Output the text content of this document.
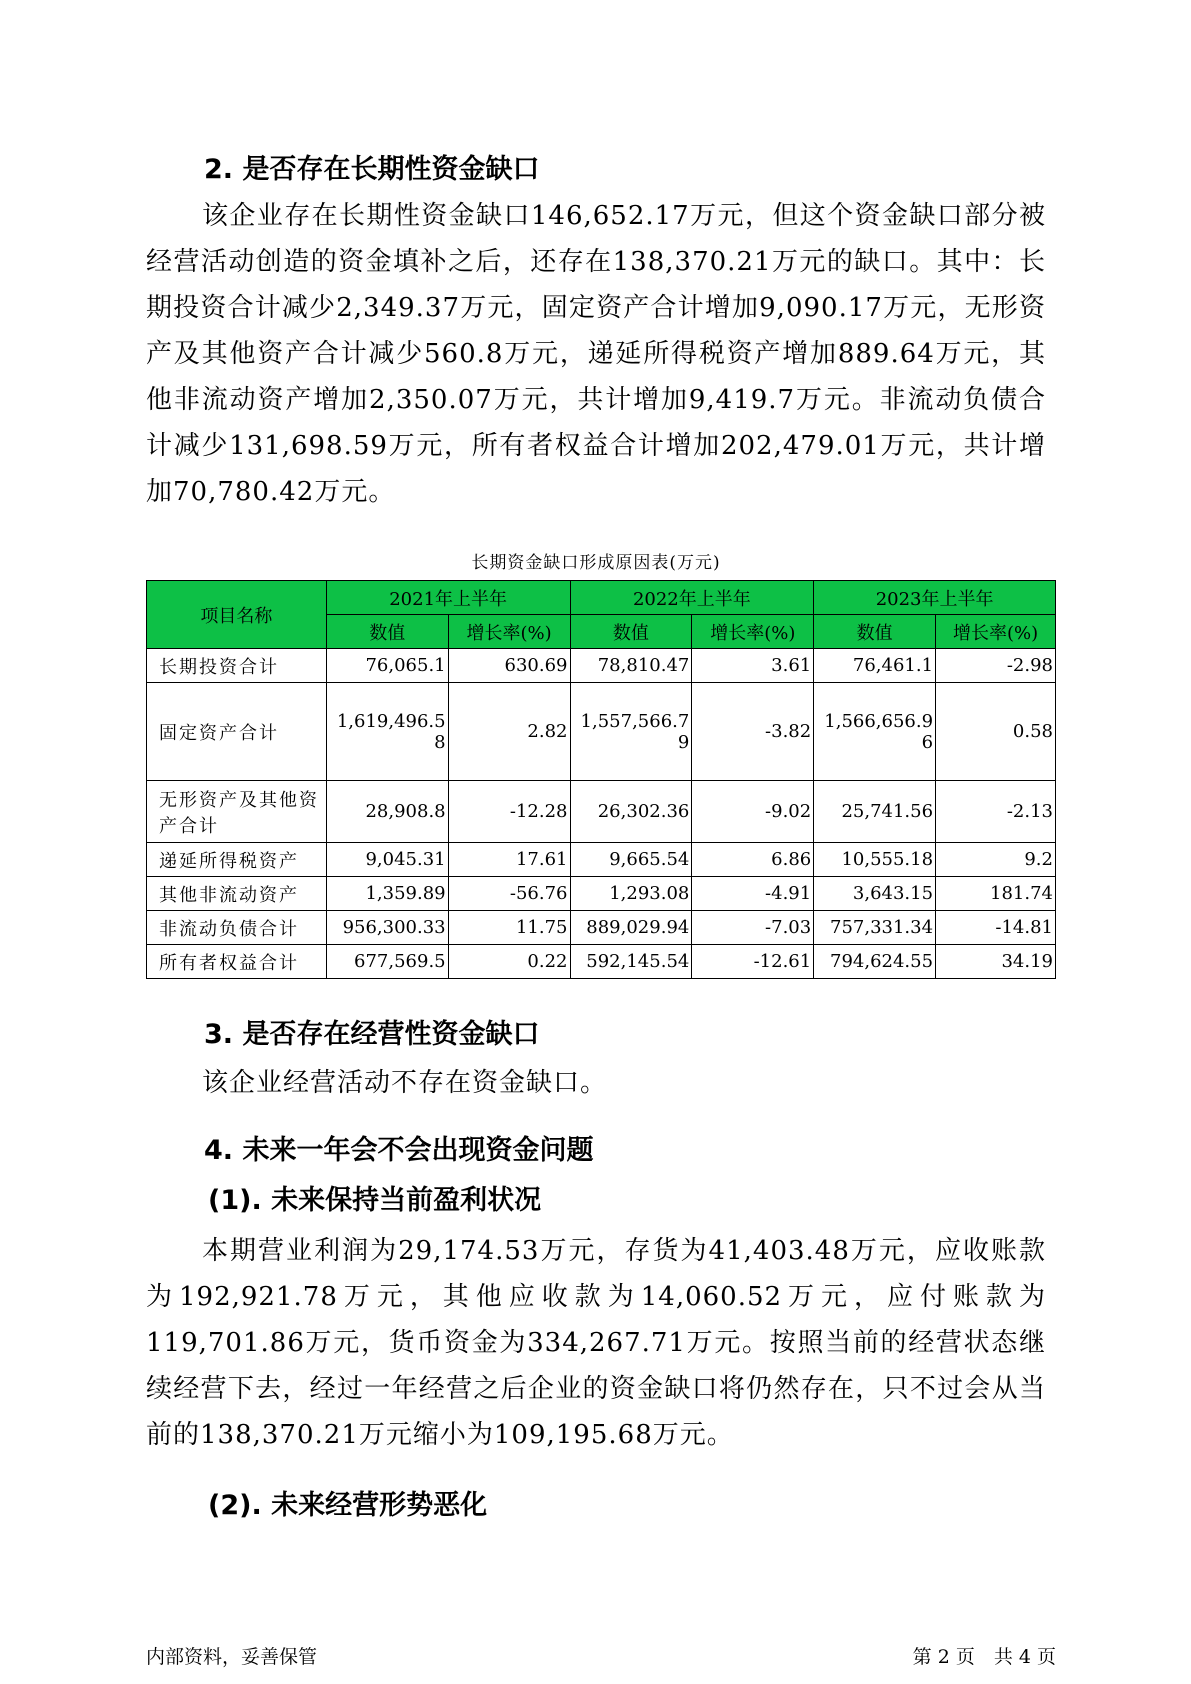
2. 是否存在长期性资金缺口
该企业存在长期性资金缺口146,652.17万元，但这个资金缺口部分被经营活动创造的资金填补之后，还存在138,370.21万元的缺口。其中：长期投资合计减少2,349.37万元，固定资产合计增加9,090.17万元，无形资产及其他资产合计减少560.8万元，递延所得税资产增加889.64万元，其他非流动资产增加2,350.07万元，共计增加9,419.7万元。非流动负债合计减少131,698.59万元，所有者权益合计增加202,479.01万元，共计增加70,780.42万元。
长期资金缺口形成原因表(万元)
项目名称	2021年上半年		2022年上半年		2023年上半年	
	数值	增长率(%)	数值	增长率(%)	数值	增长率(%)
长期投资合计	76,065.1	630.69	78,810.47	3.61	76,461.1	-2.98
固定资产合计	1,619,496.58	2.82	1,557,566.79	-3.82	1,566,656.96	0.58
无形资产及其他资产合计	28,908.8	-12.28	26,302.36	-9.02	25,741.56	-2.13
递延所得税资产	9,045.31	17.61	9,665.54	6.86	10,555.18	9.2
其他非流动资产	1,359.89	-56.76	1,293.08	-4.91	3,643.15	181.74
非流动负债合计	956,300.33	11.75	889,029.94	-7.03	757,331.34	-14.81
所有者权益合计	677,569.5	0.22	592,145.54	-12.61	794,624.55	34.19
3. 是否存在经营性资金缺口
该企业经营活动不存在资金缺口。
4. 未来一年会不会出现资金问题
(1). 未来保持当前盈利状况
本期营业利润为29,174.53万元，存货为41,403.48万元，应收账款为192,921.78万元，其他应收款为14,060.52万元，应付账款为119,701.86万元，货币资金为334,267.71万元。按照当前的经营状态继续经营下去，经过一年经营之后企业的资金缺口将仍然存在，只不过会从当前的138,370.21万元缩小为109,195.68万元。
(2). 未来经营形势恶化
内部资料，妥善保管	第 2 页　共 4 页
